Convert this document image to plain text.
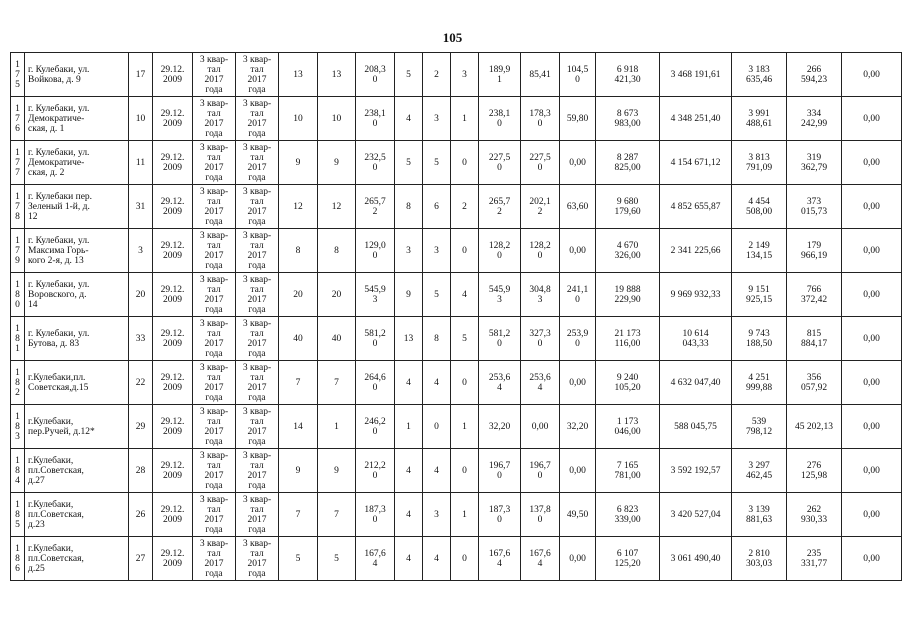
105
1
7
5	г. Кулебаки, ул.
Войкова, д. 9	17	29.12.
2009	3 квар-
тал
2017
года	3 квар-
тал
2017
года	13	13	208,3
0	5	2	3	189,9
1	85,41	104,5
0	6 918
421,30	3 468 191,61	3 183
635,46	266
594,23	0,00
1
7
6	г. Кулебаки, ул.
Демократиче-
ская, д. 1	10	29.12.
2009	3 квар-
тал
2017
года	3 квар-
тал
2017
года	10	10	238,1
0	4	3	1	238,1
0	178,3
0	59,80	8 673
983,00	4 348 251,40	3 991
488,61	334
242,99	0,00
1
7
7	г. Кулебаки, ул.
Демократиче-
ская, д. 2	11	29.12.
2009	3 квар-
тал
2017
года	3 квар-
тал
2017
года	9	9	232,5
0	5	5	0	227,5
0	227,5
0	0,00	8 287
825,00	4 154 671,12	3 813
791,09	319
362,79	0,00
1
7
8	г. Кулебаки пер.
Зеленый 1-й, д.
12	31	29.12.
2009	3 квар-
тал
2017
года	3 квар-
тал
2017
года	12	12	265,7
2	8	6	2	265,7
2	202,1
2	63,60	9 680
179,60	4 852 655,87	4 454
508,00	373
015,73	0,00
1
7
9	г. Кулебаки, ул.
Максима Горь-
кого 2-я, д. 13	3	29.12.
2009	3 квар-
тал
2017
года	3 квар-
тал
2017
года	8	8	129,0
0	3	3	0	128,2
0	128,2
0	0,00	4 670
326,00	2 341 225,66	2 149
134,15	179
966,19	0,00
1
8
0	г. Кулебаки, ул.
Воровского, д.
14	20	29.12.
2009	3 квар-
тал
2017
года	3 квар-
тал
2017
года	20	20	545,9
3	9	5	4	545,9
3	304,8
3	241,1
0	19 888
229,90	9 969 932,33	9 151
925,15	766
372,42	0,00
1
8
1	г. Кулебаки, ул.
Бутова, д. 83	33	29.12.
2009	3 квар-
тал
2017
года	3 квар-
тал
2017
года	40	40	581,2
0	13	8	5	581,2
0	327,3
0	253,9
0	21 173
116,00	10 614
043,33	9 743
188,50	815
884,17	0,00
1
8
2	г.Кулебаки,пл.
Советская,д.15	22	29.12.
2009	3 квар-
тал
2017
года	3 квар-
тал
2017
года	7	7	264,6
0	4	4	0	253,6
4	253,6
4	0,00	9 240
105,20	4 632 047,40	4 251
999,88	356
057,92	0,00
1
8
3	г.Кулебаки,
пер.Ручей, д.12*	29	29.12.
2009	3 квар-
тал
2017
года	3 квар-
тал
2017
года	14	1	246,2
0	1	0	1	32,20	0,00	32,20	1 173
046,00	588 045,75	539
798,12	45 202,13	0,00
1
8
4	г.Кулебаки,
пл.Советская,
д.27	28	29.12.
2009	3 квар-
тал
2017
года	3 квар-
тал
2017
года	9	9	212,2
0	4	4	0	196,7
0	196,7
0	0,00	7 165
781,00	3 592 192,57	3 297
462,45	276
125,98	0,00
1
8
5	г.Кулебаки,
пл.Советская,
д.23	26	29.12.
2009	3 квар-
тал
2017
года	3 квар-
тал
2017
года	7	7	187,3
0	4	3	1	187,3
0	137,8
0	49,50	6 823
339,00	3 420 527,04	3 139
881,63	262
930,33	0,00
1
8
6	г.Кулебаки,
пл.Советская,
д.25	27	29.12.
2009	3 квар-
тал
2017
года	3 квар-
тал
2017
года	5	5	167,6
4	4	4	0	167,6
4	167,6
4	0,00	6 107
125,20	3 061 490,40	2 810
303,03	235
331,77	0,00
